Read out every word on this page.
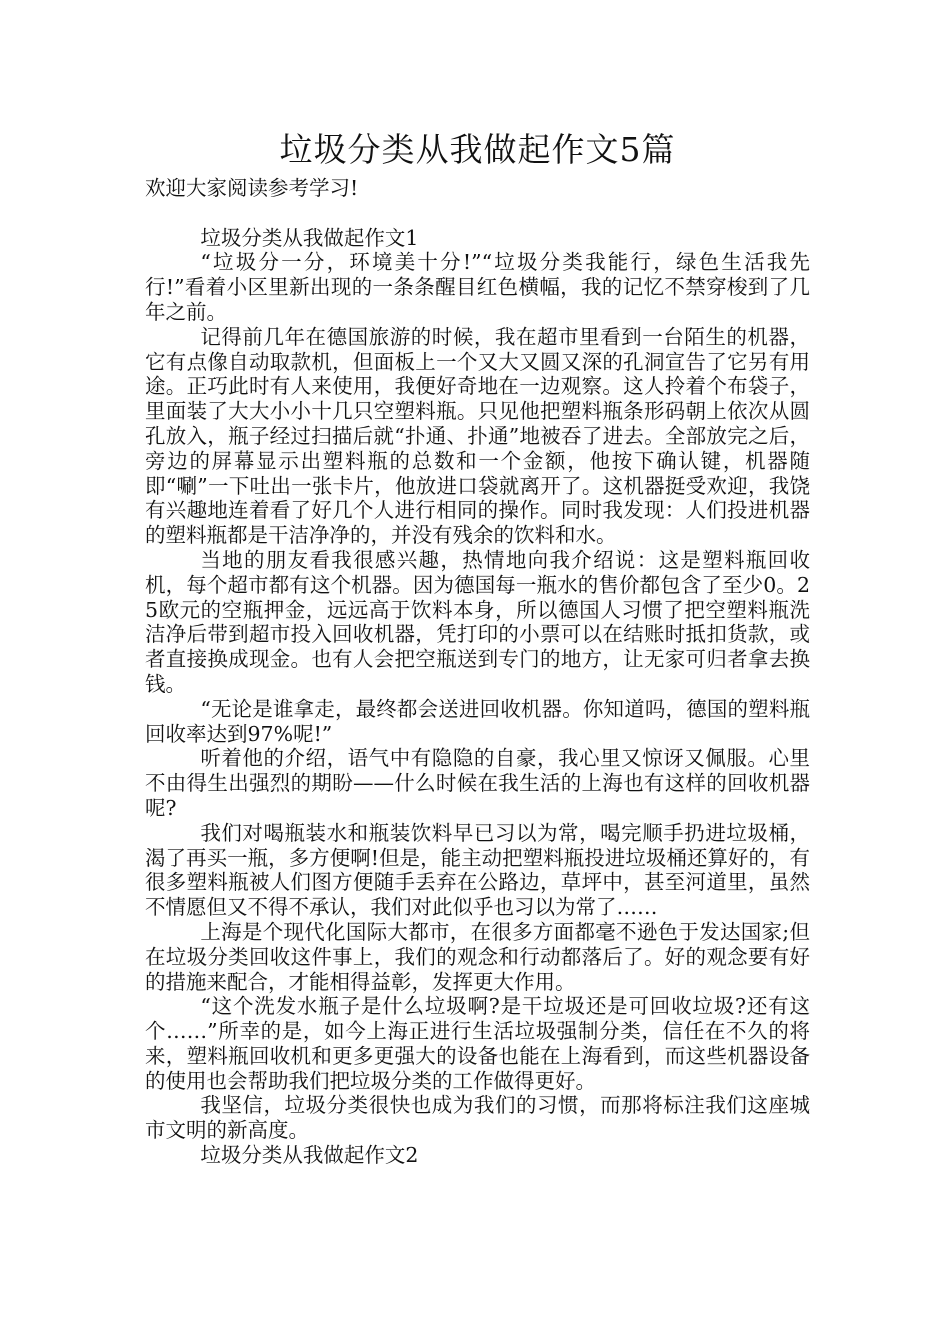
垃圾分类从我做起作文5篇

欢迎大家阅读参考学习!

垃圾分类从我做起作文1

“垃圾分一分，环境美十分!”“垃圾分类我能行，绿色生活我先行!”看着小区里新出现的一条条醒目红色横幅，我的记忆不禁穿梭到了几年之前。

记得前几年在德国旅游的时候，我在超市里看到一台陌生的机器，它有点像自动取款机，但面板上一个又大又圆又深的孔洞宣告了它另有用途。正巧此时有人来使用，我便好奇地在一边观察。这人拎着个布袋子，里面装了大大小小十几只空塑料瓶。只见他把塑料瓶条形码朝上依次从圆孔放入，瓶子经过扫描后就“扑通、扑通”地被吞了进去。全部放完之后，旁边的屏幕显示出塑料瓶的总数和一个金额，他按下确认键，机器随即“唰”一下吐出一张卡片，他放进口袋就离开了。这机器挺受欢迎，我饶有兴趣地连着看了好几个人进行相同的操作。同时我发现：人们投进机器的塑料瓶都是干洁净净的，并没有残余的饮料和水。

当地的朋友看我很感兴趣，热情地向我介绍说：这是塑料瓶回收机，每个超市都有这个机器。因为德国每一瓶水的售价都包含了至少0。25欧元的空瓶押金，远远高于饮料本身，所以德国人习惯了把空塑料瓶洗洁净后带到超市投入回收机器，凭打印的小票可以在结账时抵扣货款，或者直接换成现金。也有人会把空瓶送到专门的地方，让无家可归者拿去换钱。

“无论是谁拿走，最终都会送进回收机器。你知道吗，德国的塑料瓶回收率达到97%呢!”

听着他的介绍，语气中有隐隐的自豪，我心里又惊讶又佩服。心里不由得生出强烈的期盼——什么时候在我生活的上海也有这样的回收机器呢?

我们对喝瓶装水和瓶装饮料早已习以为常，喝完顺手扔进垃圾桶，渴了再买一瓶，多方便啊!但是，能主动把塑料瓶投进垃圾桶还算好的，有很多塑料瓶被人们图方便随手丢弃在公路边，草坪中，甚至河道里，虽然不情愿但又不得不承认，我们对此似乎也习以为常了……

上海是个现代化国际大都市，在很多方面都毫不逊色于发达国家;但在垃圾分类回收这件事上，我们的观念和行动都落后了。好的观念要有好的措施来配合，才能相得益彰，发挥更大作用。

“这个洗发水瓶子是什么垃圾啊?是干垃圾还是可回收垃圾?还有这个……”所幸的是，如今上海正进行生活垃圾强制分类，信任在不久的将来，塑料瓶回收机和更多更强大的设备也能在上海看到，而这些机器设备的使用也会帮助我们把垃圾分类的工作做得更好。

我坚信，垃圾分类很快也成为我们的习惯，而那将标注我们这座城市文明的新高度。

垃圾分类从我做起作文2
